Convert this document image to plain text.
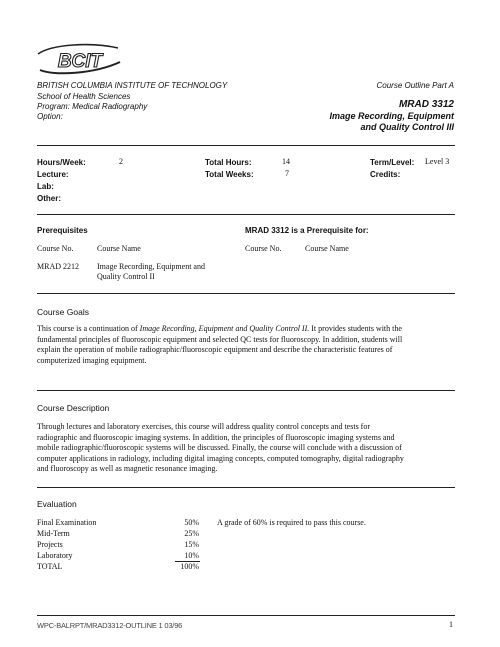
BCIT
BRITISH COLUMBIA INSTITUTE OF TECHNOLOGY
School of Health Sciences
Program: Medical Radiography
Option:
Course Outline Part A
MRAD 3312
Image Recording, Equipment
and Quality Control III
Hours/Week:	2
Lecture:
Lab:
Other:
Total Hours:	14
Total Weeks:	7
Term/Level: Level 3
Credits:
Prerequisites	MRAD 3312 is a Prerequisite for:
Course No.	Course Name	Course No.	Course Name
MRAD 2212 Image Recording, Equipment and
Quality Control II
Course Goals
This course is a continuation of Image Recording, Equipment and Quality Control II. It provides students with the
fundamental principles of fluoroscopic equipment and selected QC tests for fluoroscopy. In addition, students will
explain the operation of mobile radiographic/fluoroscopic equipment and describe the characteristic features of
computerized imaging equipment.
Course Description
Through lectures and laboratory exercises, this course will address quality control concepts and tests for
radiographic and fluoroscopic imaging systems. In addition, the principles of fluoroscopic imaging systems and
mobile radiographic/fluoroscopic systems will be discussed. Finally, the course will conclude with a discussion of
computer applications in radiology, including digital imaging concepts, computed tomography, digital radiography
and fluoroscopy as well as magnetic resonance imaging.
Evaluation
Final Examination	50%
Mid-Term	25%
Projects	15%
Laboratory	10%
TOTAL	100%
A grade of 60% is required to pass this course.
WPC-BALRPT/MRAD3312-OUTLINE 1 03/96	1
